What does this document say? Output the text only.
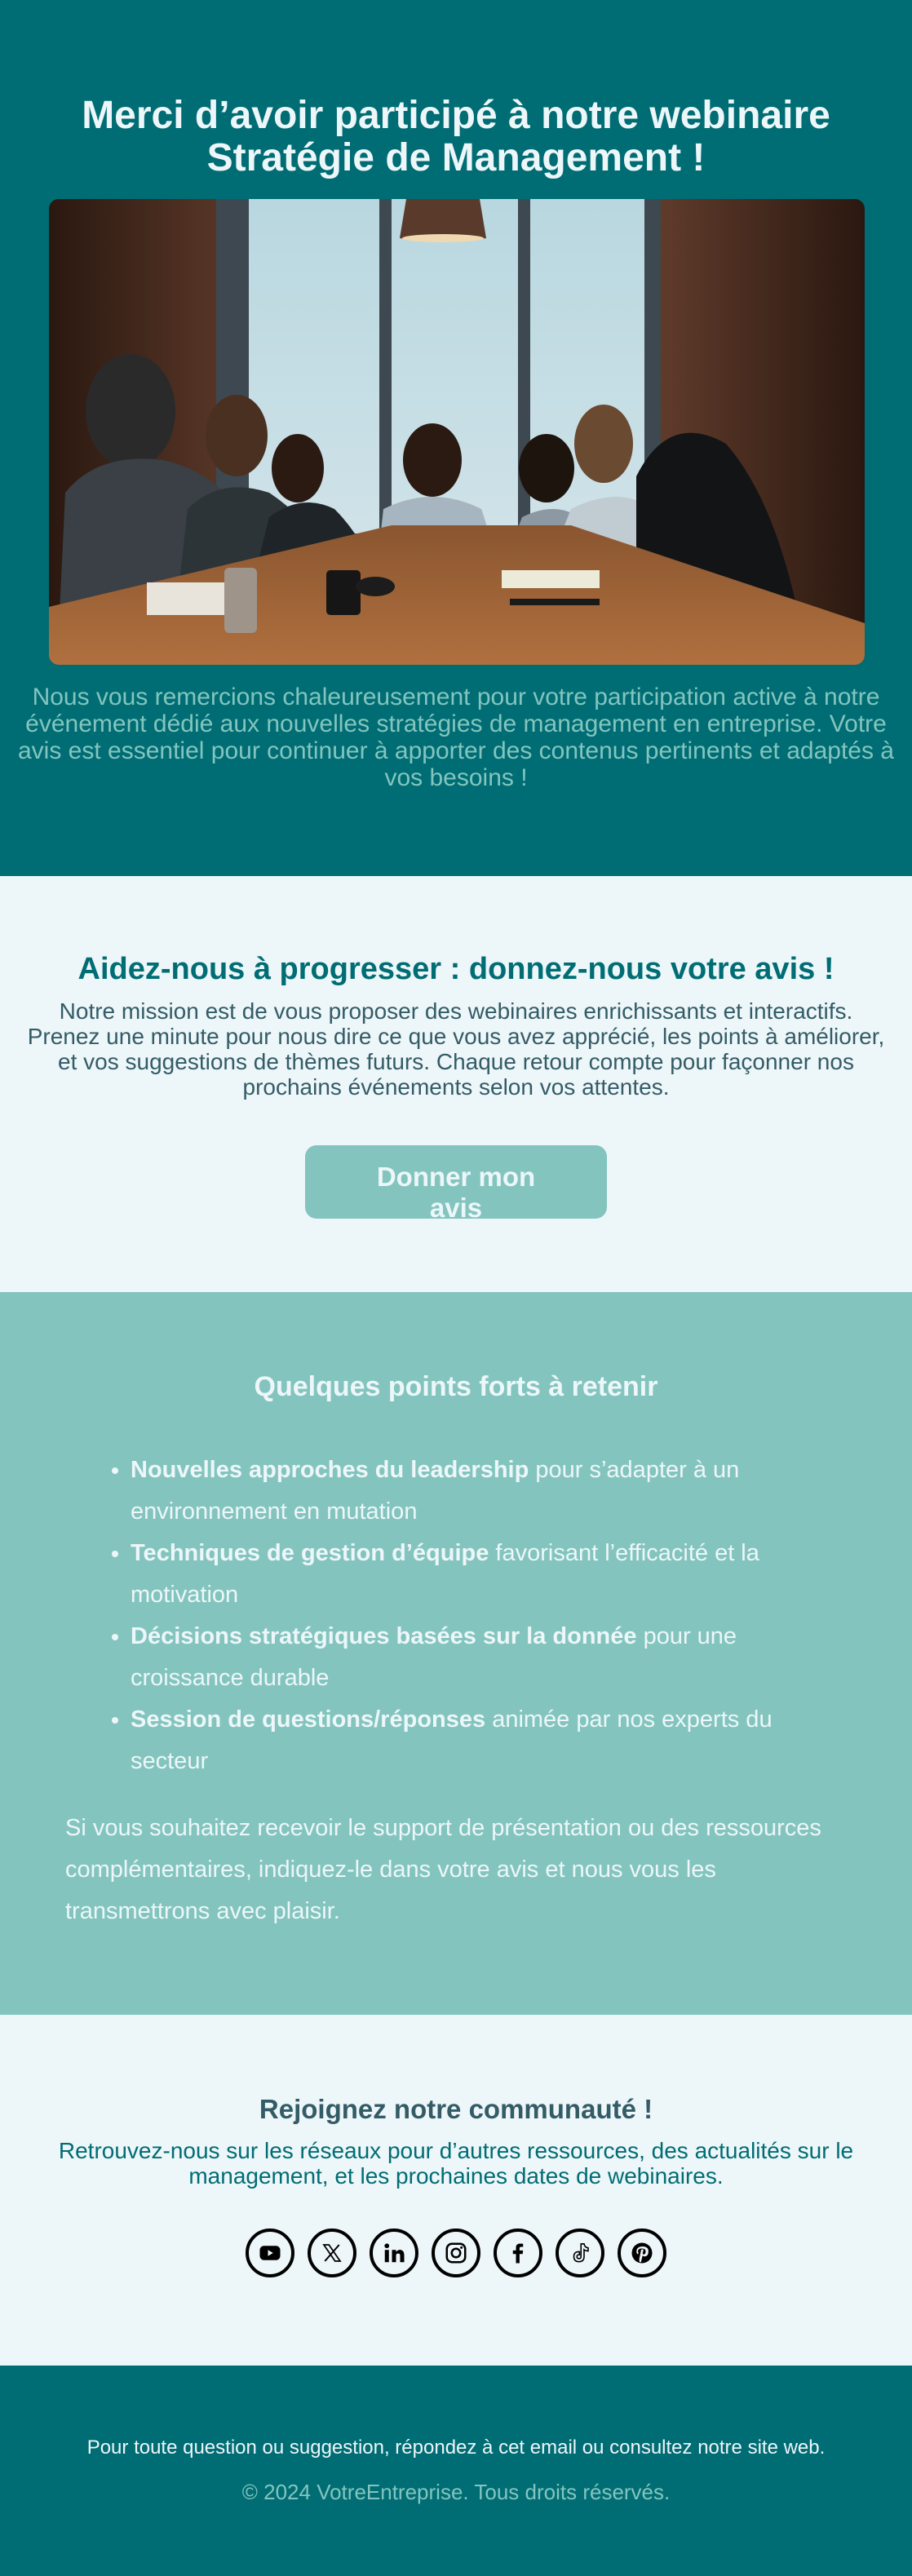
Merci d’avoir participé à notre webinaire Stratégie de Management !

Nous vous remercions chaleureusement pour votre participation active à notre événement dédié aux nouvelles stratégies de management en entreprise. Votre avis est essentiel pour continuer à apporter des contenus pertinents et adaptés à vos besoins !

Aidez-nous à progresser : donnez-nous votre avis !

Notre mission est de vous proposer des webinaires enrichissants et interactifs. Prenez une minute pour nous dire ce que vous avez apprécié, les points à améliorer, et vos suggestions de thèmes futurs. Chaque retour compte pour façonner nos prochains événements selon vos attentes.

Donner mon avis
Quelques points forts à retenir
• Nouvelles approches du leadership pour s’adapter à un environnement en mutation
• Techniques de gestion d’équipe favorisant l’efficacité et la motivation
• Décisions stratégiques basées sur la donnée pour une croissance durable
• Session de questions/réponses animée par nos experts du secteur

Si vous souhaitez recevoir le support de présentation ou des ressources complémentaires, indiquez-le dans votre avis et nous vous les transmettrons avec plaisir.

Rejoignez notre communauté !

Retrouvez-nous sur les réseaux pour d’autres ressources, des actualités sur le management, et les prochaines dates de webinaires.

Pour toute question ou suggestion, répondez à cet email ou consultez notre site web.

© 2024 VotreEntreprise. Tous droits réservés.
